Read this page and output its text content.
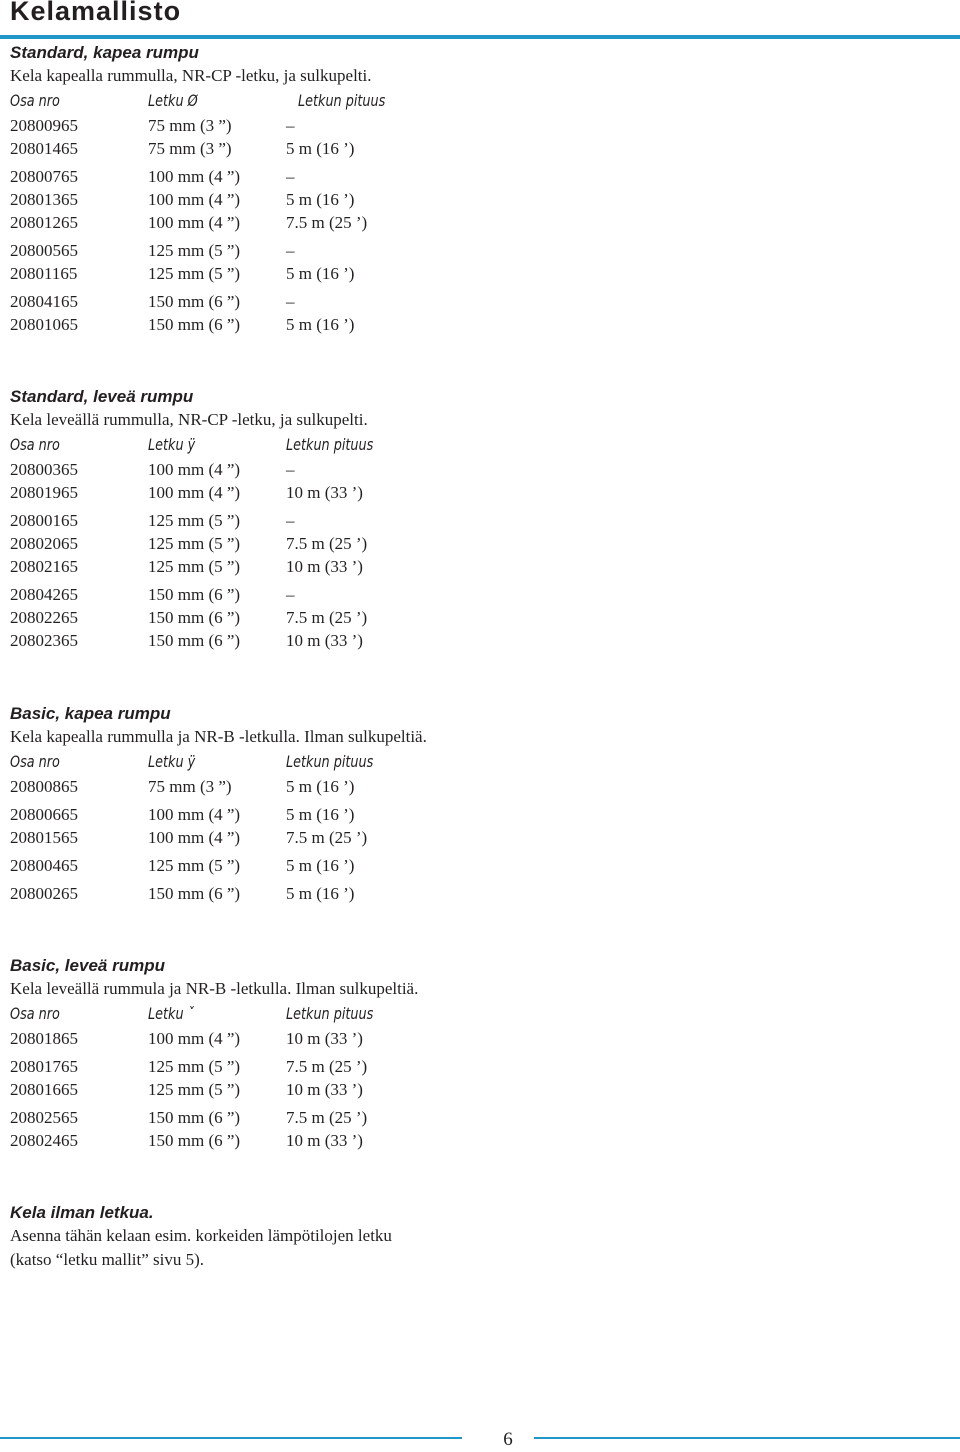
Kelamallisto
Standard, kapea rumpu
Kela kapealla rummulla, NR-CP -letku, ja sulkupelti.
Osa nro	Letku Ø	Letkun pituus
20800965	75 mm (3 ”)	–
20801465	75 mm (3 ”)	5 m (16 ’)
20800765	100 mm (4 ”)	–
20801365	100 mm (4 ”)	5 m (16 ’)
20801265	100 mm (4 ”)	7.5 m (25 ’)
20800565	125 mm (5 ”)	–
20801165	125 mm (5 ”)	5 m (16 ’)
20804165	150 mm (6 ”)	–
20801065	150 mm (6 ”)	5 m (16 ’)
Standard, leveä rumpu
Kela leveällä rummulla, NR-CP -letku, ja sulkupelti.
Osa nro	Letku ÿ	Letkun pituus
20800365	100 mm (4 ”)	–
20801965	100 mm (4 ”)	10 m (33 ’)
20800165	125 mm (5 ”)	–
20802065	125 mm (5 ”)	7.5 m (25 ’)
20802165	125 mm (5 ”)	10 m (33 ’)
20804265	150 mm (6 ”)	–
20802265	150 mm (6 ”)	7.5 m (25 ’)
20802365	150 mm (6 ”)	10 m (33 ’)
Basic, kapea rumpu
Kela kapealla rummulla ja NR-B -letkulla. Ilman sulkupeltiä.
Osa nro	Letku ÿ	Letkun pituus
20800865	75 mm (3 ”)	5 m (16 ’)
20800665	100 mm (4 ”)	5 m (16 ’)
20801565	100 mm (4 ”)	7.5 m (25 ’)
20800465	125 mm (5 ”)	5 m (16 ’)
20800265	150 mm (6 ”)	5 m (16 ’)
Basic, leveä rumpu
Kela leveällä rummula ja NR-B -letkulla. Ilman sulkupeltiä.
Osa nro	Letku ˇ	Letkun pituus
20801865	100 mm (4 ”)	10 m (33 ’)
20801765	125 mm (5 ”)	7.5 m (25 ’)
20801665	125 mm (5 ”)	10 m (33 ’)
20802565	150 mm (6 ”)	7.5 m (25 ’)
20802465	150 mm (6 ”)	10 m (33 ’)
Kela ilman letkua.
Asenna tähän kelaan esim. korkeiden lämpötilojen letku
(katso “letku mallit” sivu 5).
6
